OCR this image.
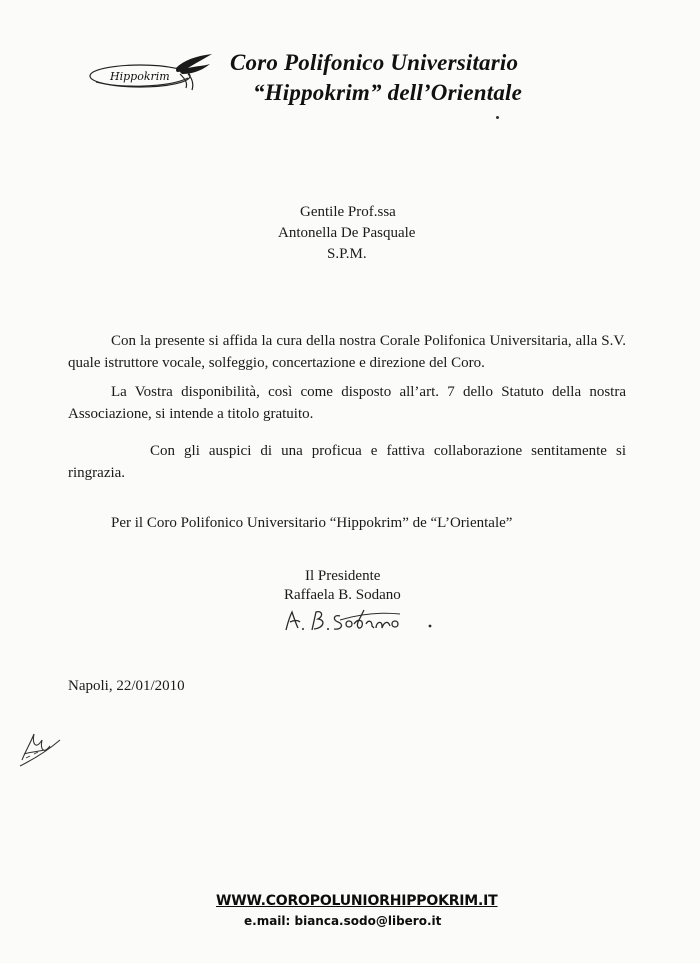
Hippokrim
Coro Polifonico Universitario
“Hippokrim” dell’Orientale
Gentile Prof.ssa
Antonella De Pasquale
S.P.M.
Con la presente si affida la cura della nostra Corale Polifonica Universitaria, alla S.V. quale istruttore vocale, solfeggio, concertazione e direzione del Coro.
La Vostra disponibilità, così come disposto all’art. 7 dello Statuto della nostra Associazione, si intende a titolo gratuito.
Con gli auspici di una proficua e fattiva collaborazione sentitamente si ringrazia.
Per il Coro Polifonico Universitario “Hippokrim” de “L’Orientale”
Il Presidente
Raffaela B. Sodano
Napoli, 22/01/2010
WWW.COROPOLUNIORHIPPOKRIM.IT
e.mail: bianca.sodo@libero.it
